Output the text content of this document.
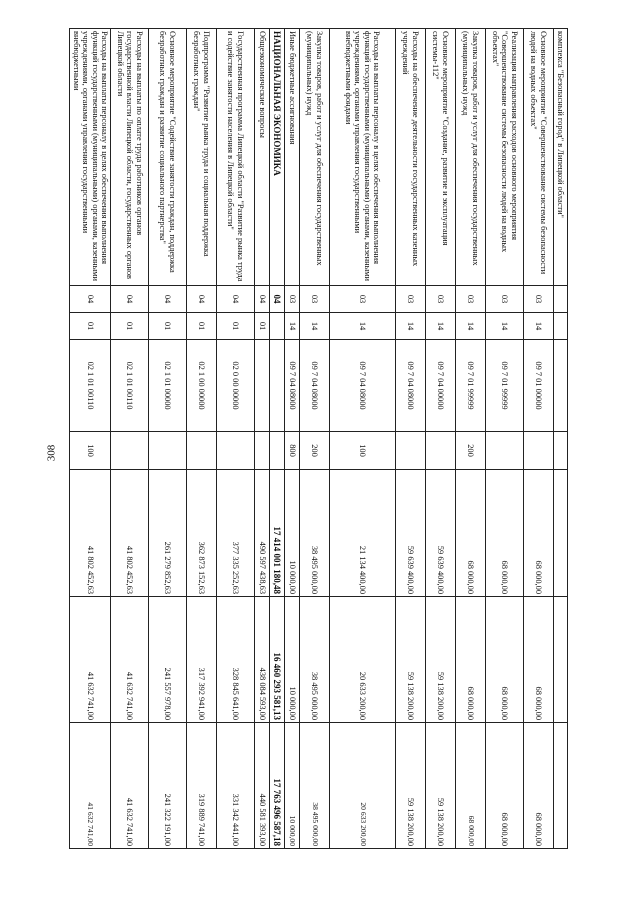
308
комплекса "Безопасный город" в Липецкой области"							
Основное мероприятие "Совершенствование системы безопасности людей на водных объектах"	03	14	09 7 01 00000		68 000,00	68 000,00	68 000,00
Реализация направления расходов основного мероприятия "Совершенствование системы безопасности людей на водных объектах"	03	14	09 7 01 99999		68 000,00	68 000,00	68 000,00
Закупка товаров, работ и услуг для обеспечения государственных (муниципальных) нужд	03	14	09 7 01 99999	200	68 000,00	68 000,00	68 000,00
Основное мероприятие "Создание, развитие и эксплуатация системы-112"	03	14	09 7 04 00000		59 639 400,00	59 138 200,00	59 138 200,00
Расходы на обеспечение деятельности государственных казенных учреждений	03	14	09 7 04 08000		59 639 400,00	59 138 200,00	59 138 200,00
Расходы на выплаты персоналу в целях обеспечения выполнения функций государственными (муниципальными) органами, казенными учреждениями, органами управления государственными внебюджетными фондами	03	14	09 7 04 08000	100	21 134 400,00	20 633 200,00	20 633 200,00
Закупка товаров, работ и услуг для обеспечения государственных (муниципальных) нужд	03	14	09 7 04 08000	200	38 495 000,00	38 495 000,00	38 495 000,00
Иные бюджетные ассигнования	03	14	09 7 04 08000	800	10 000,00	10 000,00	10 000,00
НАЦИОНАЛЬНАЯ ЭКОНОМИКА	04				17 414 001 180,48	16 460 293 581,13	17 763 496 587,18
Общеэкономические вопросы	04	01			490 597 438,63	438 084 593,00	440 581 393,00
Государственная программа Липецкой области "Развитие рынка труда и содействие занятости населения в Липецкой области"	04	01	02 0 00 00000		377 335 252,63	328 845 641,00	331 342 441,00
Подпрограмма "Развитие рынка труда и социальная поддержка безработных граждан"	04	01	02 1 00 00000		362 873 152,63	317 392 941,00	319 889 741,00
Основное мероприятие "Содействие занятости граждан, поддержка безработных граждан и развитие социального партнерства"	04	01	02 1 01 00000		261 279 852,63	241 557 978,00	241 322 191,00
Расходы на выплаты по оплате труда работников органов государственной власти Липецкой области, государственных органов Липецкой области	04	01	02 1 01 00110		41 802 452,63	41 632 741,00	41 632 741,00
Расходы на выплаты персоналу в целях обеспечения выполнения функций государственными (муниципальными) органами, казенными учреждениями, органами управления государственными внебюджетными	04	01	02 1 01 00110	100	41 802 452,63	41 632 741,00	41 632 741,00
